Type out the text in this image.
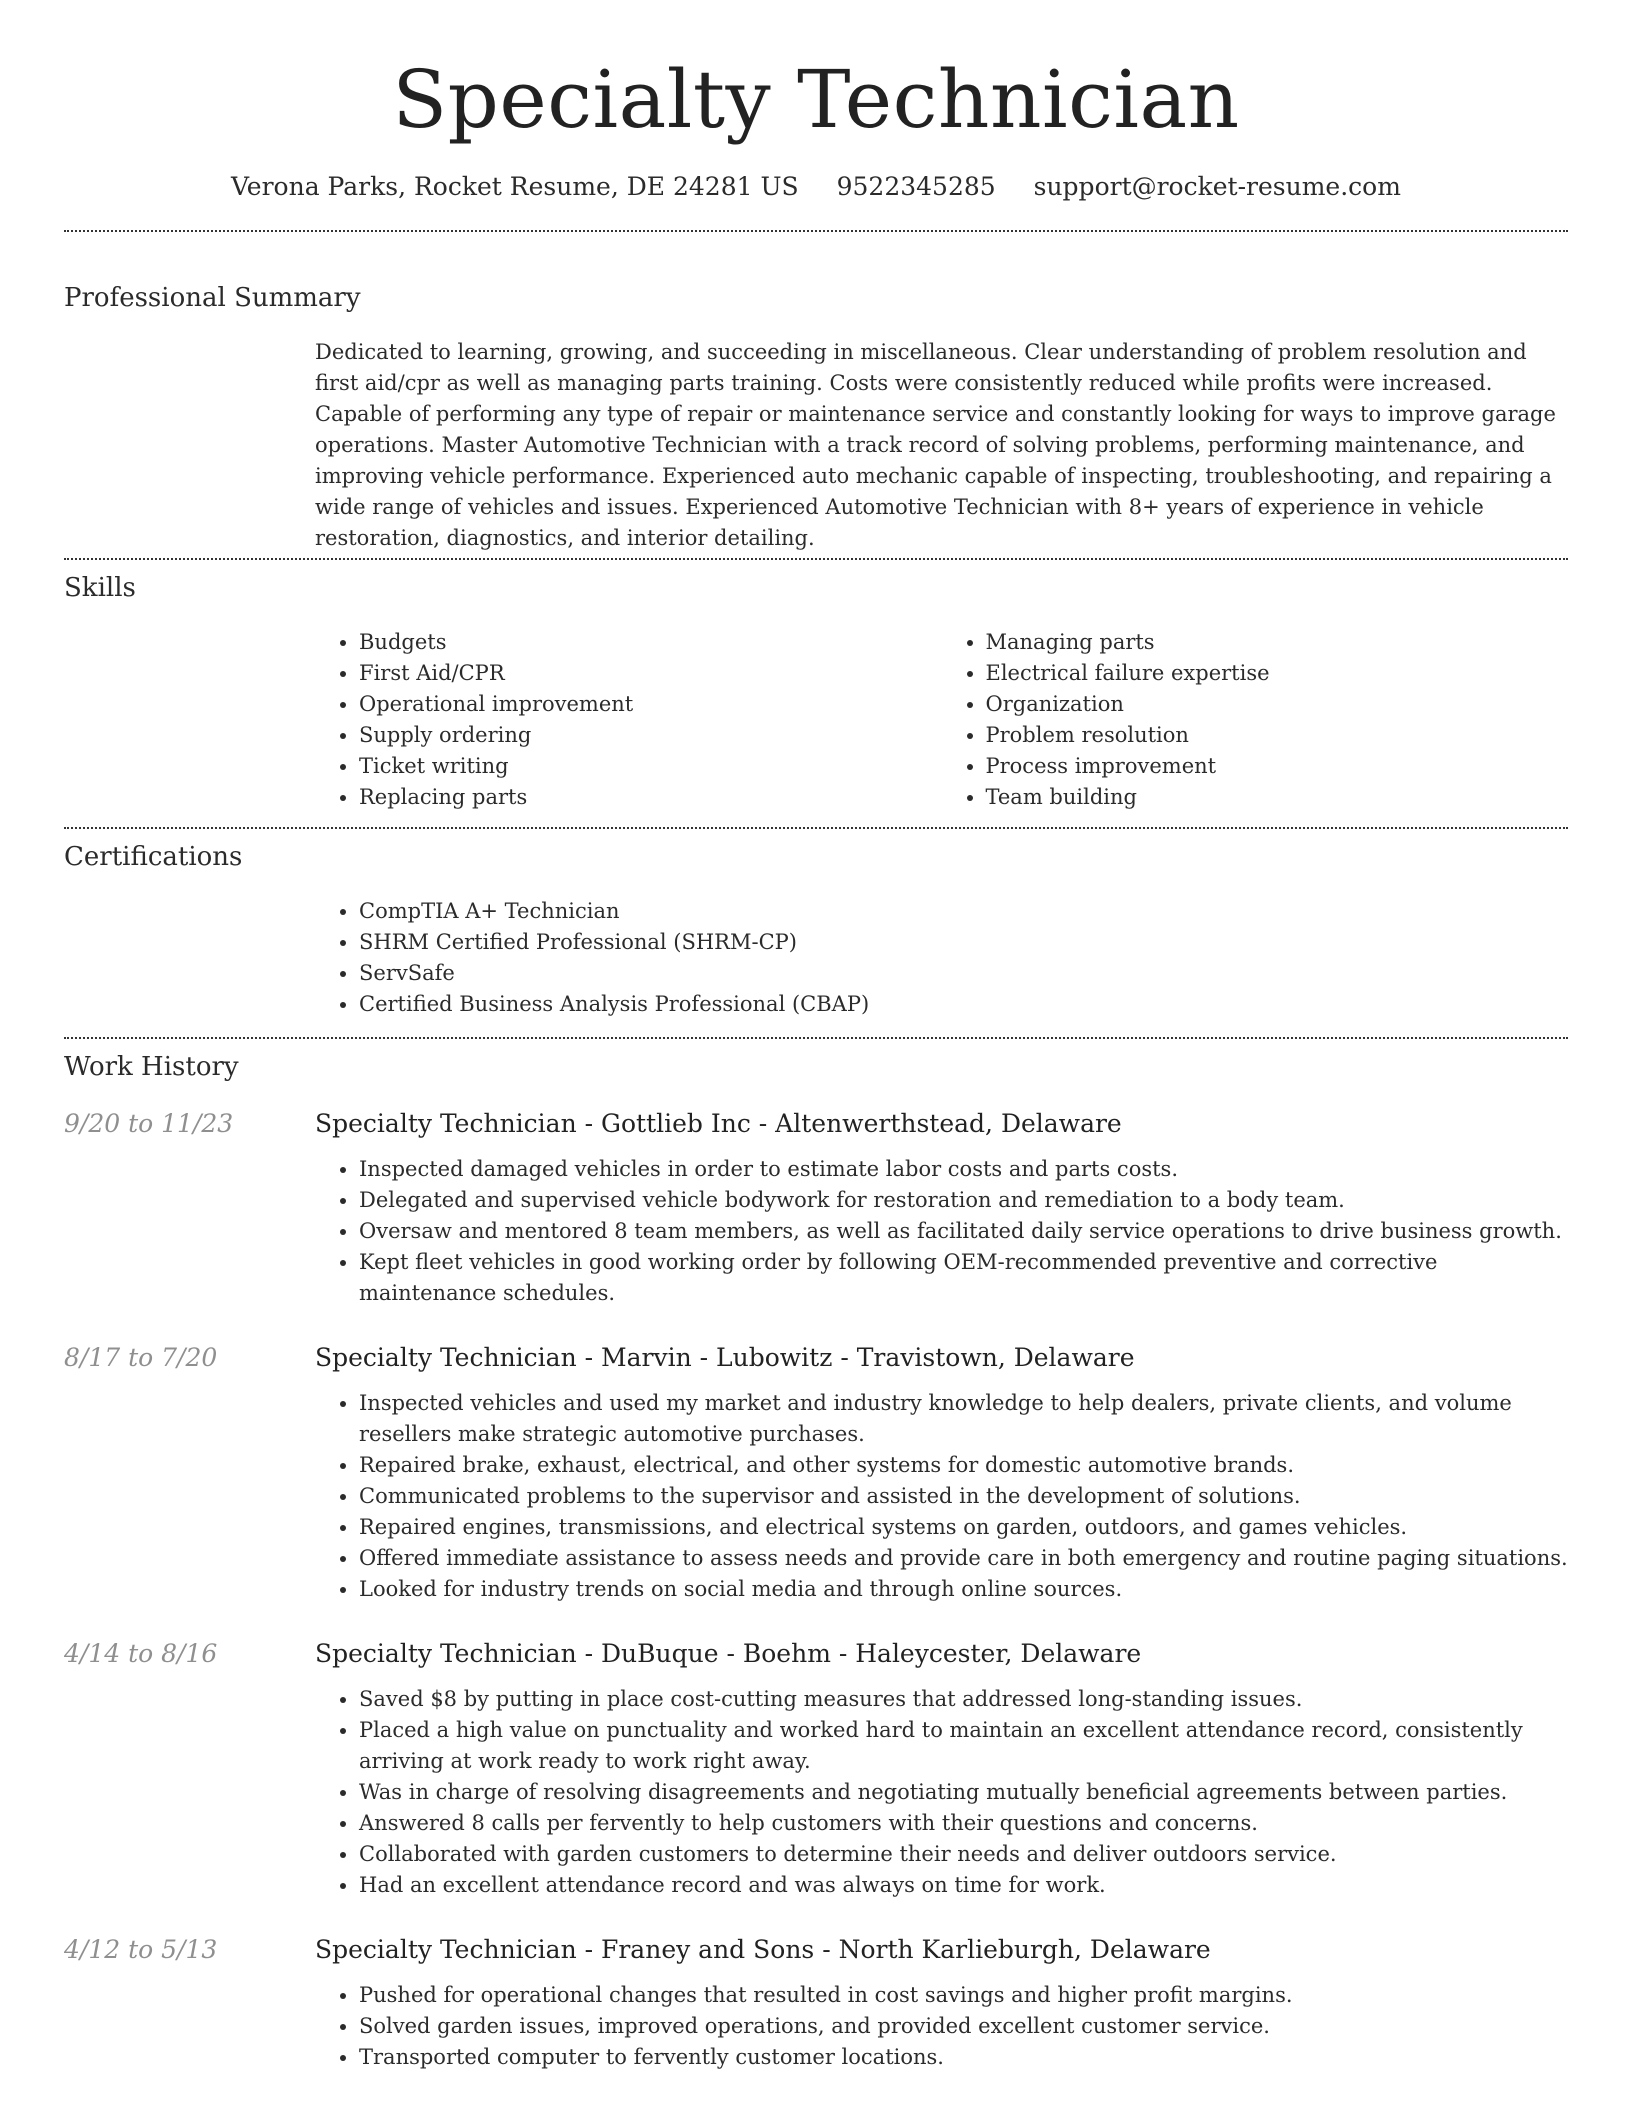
Specialty Technician
Verona Parks, Rocket Resume, DE 24281 US 9522345285 support@rocket-resume.com
Professional Summary

Dedicated to learning, growing, and succeeding in miscellaneous. Clear understanding of problem resolution and first aid/cpr as well as managing parts training. Costs were consistently reduced while profits were increased. Capable of performing any type of repair or maintenance service and constantly looking for ways to improve garage operations. Master Automotive Technician with a track record of solving problems, performing maintenance, and improving vehicle performance. Experienced auto mechanic capable of inspecting, troubleshooting, and repairing a wide range of vehicles and issues. Experienced Automotive Technician with 8+ years of experience in vehicle restoration, diagnostics, and interior detailing.

Skills
• Budgets
• First Aid/CPR
• Operational improvement
• Supply ordering
• Ticket writing
• Replacing parts
• Managing parts
• Electrical failure expertise
• Organization
• Problem resolution
• Process improvement
• Team building
Certifications
• CompTIA A+ Technician
• SHRM Certified Professional (SHRM-CP)
• ServSafe
• Certified Business Analysis Professional (CBAP)
Work History
9/20 to 11/23	Specialty Technician - Gottlieb Inc - Altenwerthstead, Delaware
• Inspected damaged vehicles in order to estimate labor costs and parts costs.
• Delegated and supervised vehicle bodywork for restoration and remediation to a body team.
• Oversaw and mentored 8 team members, as well as facilitated daily service operations to drive business growth.
• Kept fleet vehicles in good working order by following OEM-recommended preventive and corrective maintenance schedules.
8/17 to 7/20	Specialty Technician - Marvin - Lubowitz - Travistown, Delaware
• Inspected vehicles and used my market and industry knowledge to help dealers, private clients, and volume resellers make strategic automotive purchases.
• Repaired brake, exhaust, electrical, and other systems for domestic automotive brands.
• Communicated problems to the supervisor and assisted in the development of solutions.
• Repaired engines, transmissions, and electrical systems on garden, outdoors, and games vehicles.
• Offered immediate assistance to assess needs and provide care in both emergency and routine paging situations.
• Looked for industry trends on social media and through online sources.
4/14 to 8/16	Specialty Technician - DuBuque - Boehm - Haleycester, Delaware
• Saved $8 by putting in place cost-cutting measures that addressed long-standing issues.
• Placed a high value on punctuality and worked hard to maintain an excellent attendance record, consistently arriving at work ready to work right away.
• Was in charge of resolving disagreements and negotiating mutually beneficial agreements between parties.
• Answered 8 calls per fervently to help customers with their questions and concerns.
• Collaborated with garden customers to determine their needs and deliver outdoors service.
• Had an excellent attendance record and was always on time for work.
4/12 to 5/13	Specialty Technician - Franey and Sons - North Karlieburgh, Delaware
• Pushed for operational changes that resulted in cost savings and higher profit margins.
• Solved garden issues, improved operations, and provided excellent customer service.
• Transported computer to fervently customer locations.
